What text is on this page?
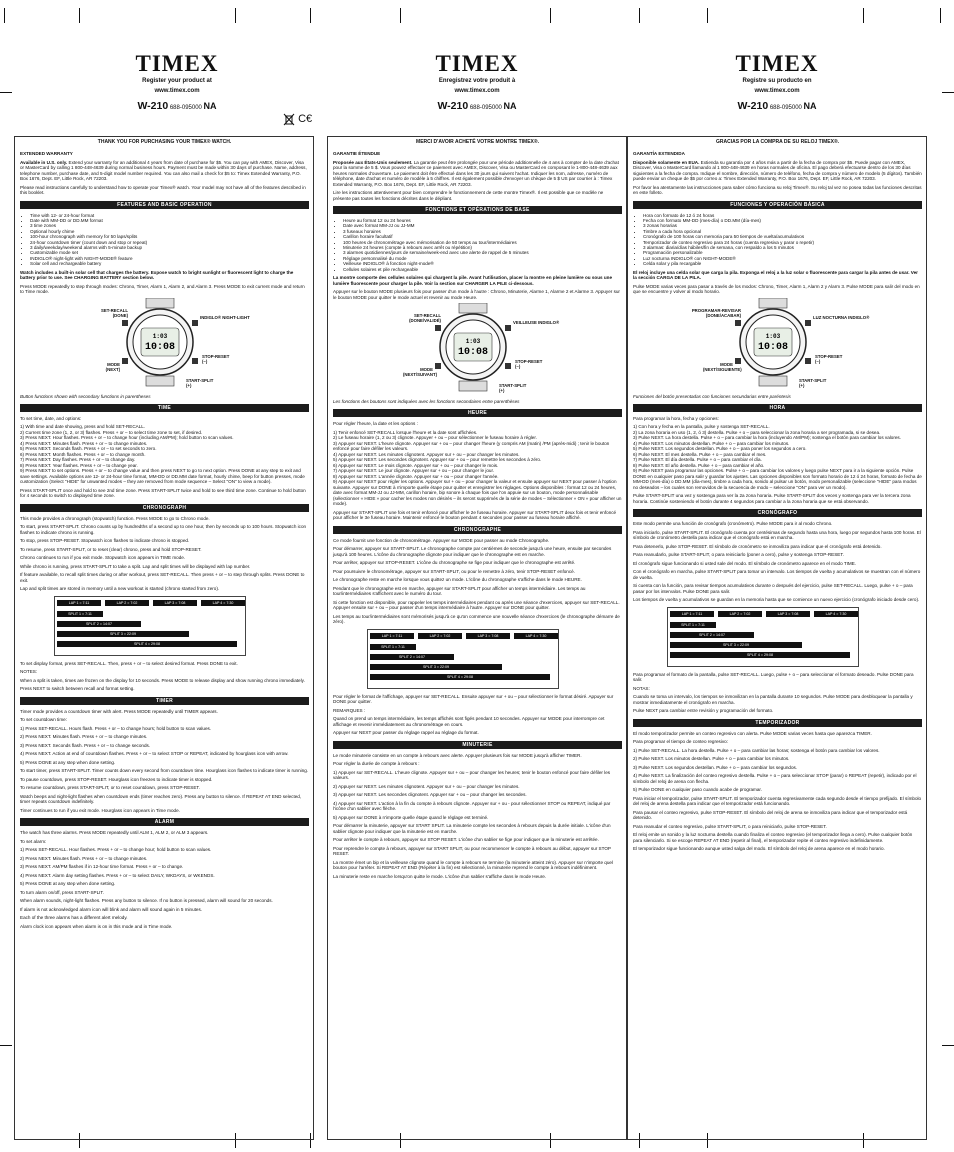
TIMEX
Register your product at
www.timex.com
W-210 688-095000 NA
TIMEX
Enregistrez votre produit à
www.timex.com
W-210 688-095000 NA
TIMEX
Registre su producto en
www.timex.com
W-210 688-095000 NA
C€
THANK YOU FOR PURCHASING YOUR TIMEX® WATCH.
EXTENDED WARRANTY
Available in U.S. only. Extend your warranty for an additional 4 years from date of purchase for $5. You can pay with AMEX, Discover, Visa or MasterCard by calling 1 800-448-4639 during normal business hours. Payment must be made within 30 days of purchase. Name, address, telephone number, purchase date, and 5-digit model number required. You can also mail a check for $5 to: Timex Extended Warranty, P.O. Box 1676, Dept. EF, Little Rock, AR 72203.
Please read instructions carefully to understand how to operate your Timex® watch. Your model may not have all of the features described in this booklet.
FEATURES AND BASIC OPERATION
• Time with 12- or 24-hour format
• Date with MM-DD or DD.MM format
• 3 time zones
• Optional hourly chime
• 100-hour chronograph with memory for 50 laps/splits
• 24-hour countdown timer (count down and stop or repeat)
• 3 daily/weekday/weekend alarms with 5-minute backup
• Customizable mode set
• INDIGLO® night-light with NIGHT-MODE® feature
• Solar cell and rechargeable battery
Watch includes a built-in solar cell that charges the battery. Expose watch to bright sunlight or fluorescent light to charge the battery prior to use. See CHARGING BATTERY section below.
Press MODE repeatedly to step through modes: Chrono, Timer, Alarm 1, Alarm 2, and Alarm 3. Press MODE to exit current mode and return to Time mode.
1:03
10:08
SET-RECALL
(DONE)	INDIGLO® NIGHT-LIGHT
MODE
(NEXT)
STOP-RESET
(–)
START-SPLIT
(+)
Button functions shown with secondary functions in parentheses
TIME
To set time, date, and options:
1) With time and date showing, press and hold SET-RECALL.
2) Current time zone (1, 2, or 3) flashes. Press + or – to select time zone to set, if desired.
3) Press NEXT. Hour flashes. Press + or – to change hour (including AM/PM); hold button to scan values.
4) Press NEXT. Minutes flash. Press + or – to change minutes.
5) Press NEXT. Seconds flash. Press + or – to set seconds to zero.
6) Press NEXT. Month flashes. Press + or – to change month.
7) Press NEXT. Day flashes. Press + or – to change day.
8) Press NEXT. Year flashes. Press + or – to change year.
9) Press NEXT to set options. Press + or – to change value and then press NEXT to go to next option. Press DONE at any step to exit and save settings. Available options are 12- or 24-hour time format, MM-DD or DD.MM date format, hourly chime, beep for button presses, mode customization (Select "HIDE" for unwanted modes – they are removed from mode sequence – Select "ON" to view a mode).
Press START-SPLIT once and hold to see 2nd time zone. Press START-SPLIT twice and hold to see third time zone. Continue to hold button for 4 seconds to switch to displayed time zone.
CHRONOGRAPH
This mode provides a chronograph (stopwatch) function. Press MODE to go to Chrono mode.
To start, press START-SPLIT. Chrono counts up by hundredths of a second up to one hour, then by seconds up to 100 hours. Stopwatch icon flashes to indicate chrono is running.
To stop, press STOP-RESET. Stopwatch icon flashes to indicate chrono is stopped.
To resume, press START-SPLIT, or to reset (clear) chrono, press and hold STOP-RESET.
Chrono continues to run if you exit mode. Stopwatch icon appears in TIME mode.
While chrono is running, press START-SPLIT to take a split. Lap and split times will be displayed with lap number.
If feature available, to recall split times during or after workout, press SET-RECALL. Then press + or – to step through splits. Press DONE to exit.
Lap and split times are stored in memory until a new workout is started (chrono started from zero).
LAP 1 = 7:11	LAP 2 = 7:02	LAP 3 = 7:08	LAP 4 = 7:30
SPLIT 1 = 7:11
SPLIT 2 = 14:07
SPLIT 3 = 22:09
SPLIT 4 = 29:08
To set display format, press SET-RECALL. Then, press + or – to select desired format. Press DONE to exit.
NOTES:
When a split is taken, times are frozen on the display for 10 seconds. Press MODE to release display and show running chrono immediately.
Press NEXT to switch between recall and format setting.
TIMER
Timer mode provides a countdown timer with alert. Press MODE repeatedly until TIMER appears.
To set countdown time:
1) Press SET-RECALL. Hours flash. Press + or – to change hours; hold button to scan values.
2) Press NEXT. Minutes flash. Press + or – to change minutes.
3) Press NEXT. Seconds flash. Press + or – to change seconds.
4) Press NEXT. Action at end of countdown flashes. Press + or – to select STOP or REPEAT, indicated by hourglass icon with arrow.
5) Press DONE at any step when done setting.
To start timer, press START-SPLIT. Timer counts down every second from countdown time. Hourglass icon flashes to indicate timer is running.
To pause countdown, press STOP-RESET. Hourglass icon freezes to indicate timer is stopped.
To resume countdown, press START-SPLIT, or to reset countdown, press STOP-RESET.
Watch beeps and night-light flashes when countdown ends (timer reaches zero). Press any button to silence. If REPEAT AT END selected, timer repeats countdown indefinitely.
Timer continues to run if you exit mode. Hourglass icon appears in Time mode.
ALARM
The watch has three alarms. Press MODE repeatedly until ALM 1, ALM 2, or ALM 3 appears.
To set alarm:
1) Press SET-RECALL. Hour flashes. Press + or – to change hour; hold button to scan values.
2) Press NEXT. Minutes flash. Press + or – to change minutes.
3) Press NEXT. AM/PM flashes if in 12-hour time format. Press + or – to change.
4) Press NEXT. Alarm day setting flashes. Press + or – to select DAILY, WKDAYS, or WKENDS.
5) Press DONE at any step when done setting.
To turn alarm on/off, press START-SPLIT.
When alarm sounds, night-light flashes. Press any button to silence. If no button is pressed, alarm will sound for 20 seconds.
If alarm is not acknowledged alarm icon will blink and alarm will sound again in 5 minutes.
Each of the three alarms has a different alert melody.
Alarm clock icon appears when alarm is on in this mode and in Time mode.
MERCI D'AVOIR ACHETÉ VOTRE MONTRE TIMEX®.
GARANTIE ÉTENDUE
Proposée aux États-Unis seulement. La garantie peut être prolongée pour une période additionnelle de 4 ans à compter de la date d'achat pour la somme de 5 $. Vous pouvez effectuer ce paiement avec AMEX, Discover, Visa ou MasterCard en composant le 1-800-448-4639 aux heures normales d'ouverture. Le paiement doit être effectué dans les 30 jours qui suivent l'achat. Indiquer les nom, adresse, numéro de téléphone, date d'achat et numéro de modèle à 5 chiffres. Il est également possible d'envoyer un chèque de 5 $ US par courrier à : Timex Extended Warranty, P.O. Box 1676, Dept. EF, Little Rock, AR 72203.
Lire les instructions attentivement pour bien comprendre le fonctionnement de cette montre Timex®. Il est possible que ce modèle ne présente pas toutes les fonctions décrites dans le dépliant.
FONCTIONS ET OPÉRATIONS DE BASE
• Heure au format 12 ou 24 heures
• Date avec format MM-JJ ou JJ-MM
• 3 fuseaux horaires
• Carillon horaire facultatif
• 100 heures de chronométrage avec mémorisation de 50 temps au tour/intermédiaires
• Minuterie 24 heures (compte à rebours avec arrêt ou répétition)
• 3 alarmes quotidiennes/jours de semaine/week-end avec une alerte de rappel de 5 minutes
• Réglage personnalisé du mode
• Veilleuse INDIGLO® à fonction night-mode®
• Cellules solaires et pile rechargeable
La montre comporte des cellules solaires qui chargent la pile. Avant l'utilisation, placer la montre en pleine lumière ou sous une lumière fluorescente pour charger la pile. Voir la section sur CHARGER LA PILE ci-dessous.
Appuyer sur le bouton MODE plusieurs fois pour passer d'un mode à l'autre : Chrono, Minuterie, Alarme 1, Alarme 2 et Alarme 3. Appuyer sur le bouton MODE pour quitter le mode actuel et revenir au mode Heure.
1:03
10:08
SET-RECALL
(DONE/VALIDÉ)	VEILLEUSE INDIGLO®
MODE
(NEXT/SUIVANT)
STOP-RESET
(–)
START-SPLIT
(+)
Les fonctions des boutons sont indiquées avec les fonctions secondaires entre parenthèses
HEURE
Pour régler l'heure, la date et les options :
1) Tenir enfoncé SET-RECALL lorsque l'heure et la date sont affichées.
2) Le fuseau horaire (1, 2 ou 3) clignote. Appuyer + ou – pour sélectionner le fuseau horaire à régler.
3) Appuyer sur NEXT. L'heure clignote. Appuyer sur + ou – pour changer l'heure (y compris AM (matin) /PM (après-midi) ; tenir le bouton enfoncé pour faire défiler les valeurs.
4) Appuyer sur NEXT. Les minutes clignotent. Appuyer sur + ou – pour changer les minutes.
5) Appuyer sur NEXT. Les secondes clignotent. Appuyer sur + ou – pour remettre les secondes à zéro.
6) Appuyer sur NEXT. Le mois clignote. Appuyer sur + ou – pour changer le mois.
7) Appuyer sur NEXT. Le jour clignote. Appuyer sur + ou – pour changer le jour.
8) Appuyer sur NEXT. L'année clignote. Appuyer sur + ou – pour changer l'année.
9) Appuyer sur NEXT pour régler les options. Appuyer sur + ou – pour changer la valeur et ensuite appuyer sur NEXT pour passer à l'option suivante. Appuyer sur DONE à n'importe quelle étape pour quitter et enregistrer les réglages. Options disponibles : format 12 ou 24 heures, date avec format MM-JJ ou JJ-MM, carillon horaire, bip sonore à chaque fois que l'on appuie sur un bouton, mode personnalisable (sélectionner « HIDE » pour cacher les modes non désirés – ils seront supprimés de la série de modes – Sélectionner « ON » pour afficher un mode).
Appuyer sur START-SPLIT une fois et tenir enfoncé pour afficher le 2e fuseau horaire. Appuyer sur START-SPLIT deux fois et tenir enfoncé pour afficher le 3e fuseau horaire. Maintenir enfoncé le bouton pendant 4 secondes pour passer au fuseau horaire affiché.
CHRONOGRAPHE
Ce mode fournit une fonction de chronométrage. Appuyer sur MODE pour passer au mode Chronographe.
Pour démarrer, appuyer sur START-SPLIT. Le chronographe compte par centièmes de seconde jusqu'à une heure, ensuite par secondes jusqu'à 100 heures. L'icône du chronographe clignote pour indiquer que le chronographe est en marche.
Pour arrêter, appuyer sur STOP-RESET. L'icône du chronographe se fige pour indiquer que le chronographe est arrêté.
Pour poursuivre le chronométrage, appuyer sur START-SPLIT, ou pour le remettre à zéro, tenir STOP-RESET enfoncé.
Le chronographe reste en marche lorsque vous quittez un mode. L'icône du chronographe s'affiche dans le mode HEURE.
Pendant que le chronographe est en marche, appuyer sur START-SPLIT pour afficher un temps intermédiaire. Les temps au tour/intermédiaires s'affichent avec le numéro du tour.
Si cette fonction est disponible, pour rappeler les temps intermédiaires pendant ou après une séance d'exercices, appuyer sur SET-RECALL. Appuyer ensuite sur + ou – pour passer d'un temps intermédiaire à l'autre. Appuyer sur DONE pour quitter.
Les temps au tour/intermédiaires sont mémorisés jusqu'à ce qu'on commence une nouvelle séance d'exercices (le chronographe démarre de zéro).
LAP 1 = 7:11	LAP 2 = 7:02	LAP 3 = 7:08	LAP 4 = 7:30
SPLIT 1 = 7:11
SPLIT 2 = 14:07
SPLIT 3 = 22:09
SPLIT 4 = 29:08
Pour régler le format de l'affichage, appuyer sur SET-RECALL. Ensuite appuyer sur + ou – pour sélectionner le format désiré. Appuyer sur DONE pour quitter.
REMARQUES :
Quand on prend un temps intermédiaire, les temps affichés sont figés pendant 10 secondes. Appuyer sur MODE pour interrompre cet affichage et revenir immédiatement au chronométrage en cours.
Appuyer sur NEXT pour passer du réglage rappel au réglage du format.
MINUTERIE
Le mode minuterie consiste en un compte à rebours avec alerte. Appuyer plusieurs fois sur MODE jusqu'à afficher TIMER.
Pour régler la durée de compte à rebours :
1) Appuyer sur SET-RECALL. L'heure clignote. Appuyer sur + ou – pour changer les heures; tenir le bouton enfoncé pour faire défiler les valeurs.
2) Appuyer sur NEXT. Les minutes clignotent. Appuyer sur + ou – pour changer les minutes.
3) Appuyer sur NEXT. Les secondes clignotent. Appuyer sur + ou – pour changer les secondes.
4) Appuyer sur NEXT. L'action à la fin du compte à rebours clignote. Appuyer sur + ou - pour sélectionner STOP ou REPEAT, indiqué par l'icône d'un sablier avec flèche.
5) Appuyer sur DONE à n'importe quelle étape quand le réglage est terminé.
Pour démarrer la minuterie, appuyer sur START SPLIT. La minuterie compte les secondes à rebours depuis la durée initiale. L'icône d'un sablier clignote pour indiquer que la minuterie est en marche.
Pour arrêter le compte à rebours, appuyer sur STOP RESET. L'icône d'un sablier se fige pour indiquer que la minuterie est arrêtée.
Pour reprendre le compte à rebours, appuyer sur START SPLIT, ou pour recommencer le compte à rebours au début, appuyer sur STOP RESET.
La montre émet un bip et la veilleuse clignote quand le compte à rebours se termine (la minuterie atteint zéro). Appuyer sur n'importe quel bouton pour l'arrêter. Si REPEAT AT END (Répéter à la fin) est sélectionné, la minuterie reprend le compte à rebours indéfiniment.
La minuterie reste en marche lorsqu'on quitte le mode. L'icône d'un sablier s'affiche dans le mode Heure.
GRACIAS POR LA COMPRA DE SU RELOJ TIMEX®.
GARANTÍA EXTENDIDA
Disponible solamente en EUA. Extienda su garantía por 4 años más a partir de la fecha de compra por $5. Puede pagar con AMEX, Discover, Visa o MasterCard llamando al 1 800-448-4639 en horas normales de oficina. El pago deberá efectuarse dentro de los 30 días siguientes a la fecha de compra. Indique el nombre, dirección, número de teléfono, fecha de compra y número de modelo (5 dígitos). También puede enviar un cheque de $5 por correo a: Timex Extended Warranty, P.O. Box 1676, Dept. EF, Little Rock, AR 72203.
Por favor lea atentamente las instrucciones para saber cómo funciona su reloj Timex®. Su reloj tal vez no posea todas las funciones descritas en este folleto.
FUNCIONES Y OPERACIÓN BÁSICA
• Hora con formato de 12 ó 24 horas
• Fecha con formato MM-DD (mes-día) o DD.MM (día-mes)
• 3 zonas horarias
• Timbre a cada hora opcional
• Cronógrafo de 100 horas con memoria para 50 tiempos de vuelta/acumulativos
• Temporizador de conteo regresivo para 24 horas (cuenta regresiva y parar o repetir)
• 3 alarmas: diaria/días hábiles/fin de semana, con respaldo a los 5 minutos
• Programación personalizable
• Luz nocturna INDIGLO® con NIGHT-MODE®
• Celda solar y pila recargable
El reloj incluye una celda solar que carga la pila. Exponga el reloj a la luz solar o fluorescente para cargar la pila antes de usar. Ver la sección CARGA DE LA PILA.
Pulse MODE varias veces para pasar a través de los modos: Chrono, Timer, Alarm 1, Alarm 2 y Alarm 3. Pulse MODE para salir del modo en que se encuentre y volver al modo horario.
1:03
10:08
PROGRAMAR-REVISAR
(DONE/ACABAR)	LUZ NOCTURNA INDIGLO®
MODE
(NEXT/SIGUIENTE)
STOP-RESET
(–)
START-SPLIT
(+)
Funciones del botón presentadas con funciones secundarias entre paréntesis
HORA
Para programar la hora, fecha y opciones:
1) Con hora y fecha en la pantalla, pulse y sostenga SET-RECALL.
2) La zona horaria en uso (1, 2, ó 3) destella. Pulse + o – para seleccionar la zona horaria a ser programada, si se desea.
3) Pulse NEXT. La hora destella. Pulse + o – para cambiar la hora (incluyendo AM/PM); sostenga el botón para cambiar los valores.
4) Pulse NEXT. Los minutos destellan. Pulse + o – para cambiar los minutos.
5) Pulse NEXT. Los segundos destellan. Pulse + o – para poner los segundos a cero.
6) Pulse NEXT. El mes destella. Pulse + o – para cambiar el mes.
7) Pulse NEXT. El día destella. Pulse + o – para cambiar el día.
8) Pulse NEXT. El año destella. Pulse + o – para cambiar el año.
9) Pulse NEXT para programar las opciones. Pulse + o – para cambiar los valores y luego pulse NEXT para ir a la siguiente opción. Pulse DONE en cualquier paso para salir y guardar los ajustes. Las opciones disponibles son formato horario de 12 ó 24 horas, formato de fecha de MM-DD (mes-día) o DD.MM (día-mes), timbre a cada hora, sonido al pulsar un botón, modo personalizable (seleccione "HIDE" para modos no deseados – los cuales son removidos de la secuencia de modo – seleccione "ON" para ver un modo).
Pulse START-SPLIT una vez y sostenga para ver la 2a zona horaria. Pulse START-SPLIT dos veces y sostenga para ver la tercera zona horaria. Continúe sosteniendo el botón durante 4 segundos para cambiar a la zona horaria que se está observando.
CRONÓGRAFO
Este modo permite una función de cronógrafo (cronómetro). Pulse MODE para ir al modo Chrono.
Para iniciarlo, pulse START-SPLIT. El cronógrafo cuenta por centésimas de segundo hasta una hora, luego por segundos hasta 100 horas. El símbolo de cronómetro destella para indicar que el cronógrafo está en marcha.
Para detenerlo, pulse STOP-RESET. El símbolo de cronómetro se inmoviliza para indicar que el cronógrafo está detenido.
Para reanudarlo, pulse START-SPLIT, o para reiniciarlo (poner a cero), pulse y sostenga STOP-RESET.
El cronógrafo sigue funcionando si usted sale del modo. El símbolo de cronómetro aparece en el modo TIME.
Con el cronógrafo en marcha, pulse START-SPLIT para tomar un intervalo. Los tiempos de vuelta y acumulativos se muestran con el número de vuelta.
Si cuenta con la función, para revisar tiempos acumulativos durante o después del ejercicio, pulse SET-RECALL. Luego, pulse + o – para pasar por los intervalos. Pulse DONE para salir.
Los tiempos de vuelta y acumulativos se guardan en la memoria hasta que se comience un nuevo ejercicio (cronógrafo iniciado desde cero).
LAP 1 = 7:11	LAP 2 = 7:02	LAP 3 = 7:08	LAP 4 = 7:30
SPLIT 1 = 7:11
SPLIT 2 = 14:07
SPLIT 3 = 22:09
SPLIT 4 = 29:08
Para programar el formato de la pantalla, pulse SET-RECALL. Luego, pulse + o – para seleccionar el formato deseado. Pulse DONE para salir.
NOTAS:
Cuando se toma un intervalo, los tiempos se inmovilizan en la pantalla durante 10 segundos. Pulse MODE para desbloquear la pantalla y mostrar inmediatamente el cronógrafo en marcha.
Pulse NEXT para cambiar entre revisión y programación del formato.
TEMPORIZADOR
El modo temporizador permite un conteo regresivo con alerta. Pulse MODE varias veces hasta que aparezca TIMER.
Para programar el tiempo de conteo regresivo:
1) Pulse SET-RECALL. La hora destella. Pulse + o – para cambiar las horas; sostenga el botón para cambiar los valores.
2) Pulse NEXT. Los minutos destellan. Pulse + o – para cambiar los minutos.
3) Pulse NEXT. Los segundos destellan. Pulse + o – para cambiar los segundos.
4) Pulse NEXT. La finalización del conteo regresivo destella. Pulse + o – para seleccionar STOP (parar) o REPEAT (repetir), indicado por el símbolo del reloj de arena con flecha.
5) Pulse DONE en cualquier paso cuando acabe de programar.
Para iniciar el temporizador, pulse START-SPLIT. El temporizador cuenta regresivamente cada segundo desde el tiempo prefijado. El símbolo del reloj de arena destella para indicar que el temporizador está funcionando.
Para pausar el conteo regresivo, pulse STOP-RESET. El símbolo del reloj de arena se inmoviliza para indicar que el temporizador está detenido.
Para reanudar el conteo regresivo, pulse START-SPLIT, o para reiniciarlo, pulse STOP-RESET.
El reloj emite un sonido y la luz nocturna destella cuando finaliza el conteo regresivo (el temporizador llega a cero). Pulse cualquier botón para silenciarlo. Si se escoge REPEAT AT END (repetir al final), el temporizador repite el conteo regresivo indefinidamente.
El temporizador sigue funcionando aunque usted salga del modo. El símbolo del reloj de arena aparece en el modo horario.
